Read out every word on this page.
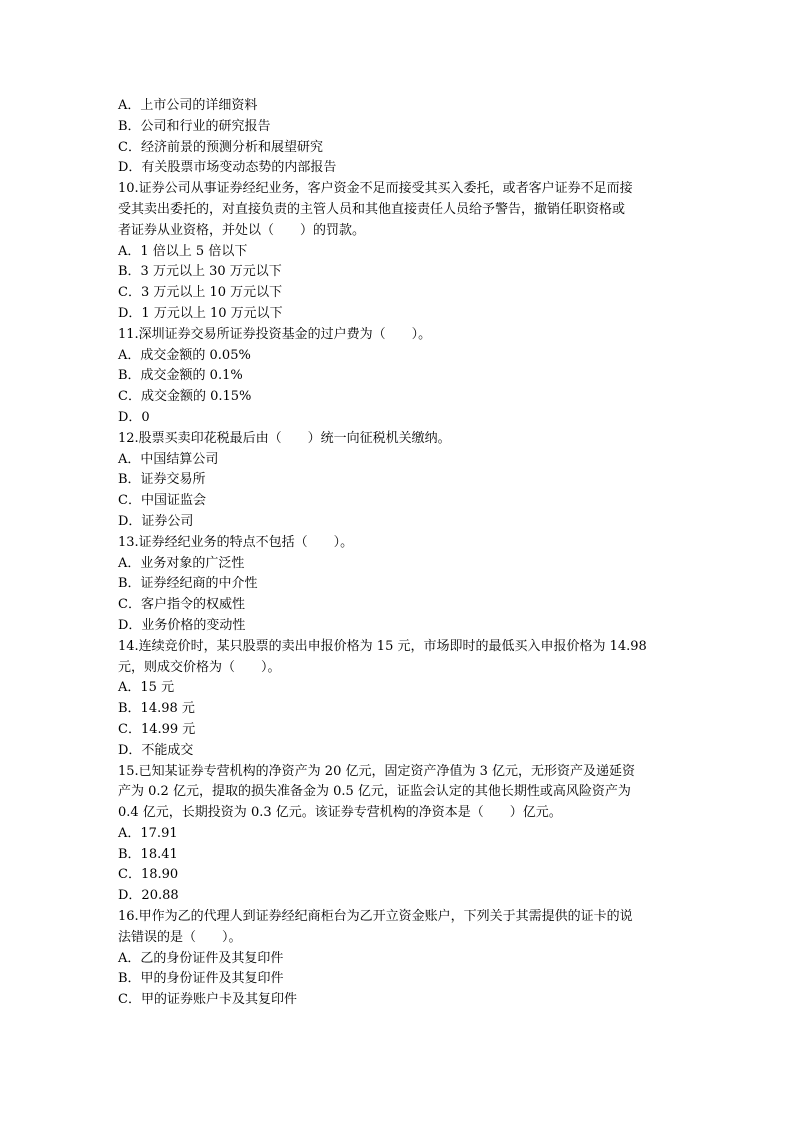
A．上市公司的详细资料
B．公司和行业的研究报告
C．经济前景的预测分析和展望研究
D．有关股票市场变动态势的内部报告
10.证券公司从事证券经纪业务，客户资金不足而接受其买入委托，或者客户证券不足而接
受其卖出委托的，对直接负责的主管人员和其他直接责任人员给予警告，撤销任职资格或
者证券从业资格，并处以（　　）的罚款。
A．1 倍以上 5 倍以下
B．3 万元以上 30 万元以下
C．3 万元以上 10 万元以下
D．1 万元以上 10 万元以下
11.深圳证券交易所证券投资基金的过户费为（　　）。
A．成交金额的 0.05%
B．成交金额的 0.1%
C．成交金额的 0.15%
D．0
12.股票买卖印花税最后由（　　）统一向征税机关缴纳。
A．中国结算公司
B．证券交易所
C．中国证监会
D．证券公司
13.证券经纪业务的特点不包括（　　）。
A．业务对象的广泛性
B．证券经纪商的中介性
C．客户指令的权威性
D．业务价格的变动性
14.连续竞价时，某只股票的卖出申报价格为 15 元，市场即时的最低买入申报价格为 14.98
元，则成交价格为（　　）。
A．15 元
B．14.98 元
C．14.99 元
D．不能成交
15.已知某证券专营机构的净资产为 20 亿元，固定资产净值为 3 亿元，无形资产及递延资
产为 0.2 亿元，提取的损失准备金为 0.5 亿元，证监会认定的其他长期性或高风险资产为
0.4 亿元，长期投资为 0.3 亿元。该证券专营机构的净资本是（　　）亿元。
A．17.91
B．18.41
C．18.90
D．20.88
16.甲作为乙的代理人到证券经纪商柜台为乙开立资金账户，下列关于其需提供的证卡的说
法错误的是（　　）。
A．乙的身份证件及其复印件
B．甲的身份证件及其复印件
C．甲的证券账户卡及其复印件
